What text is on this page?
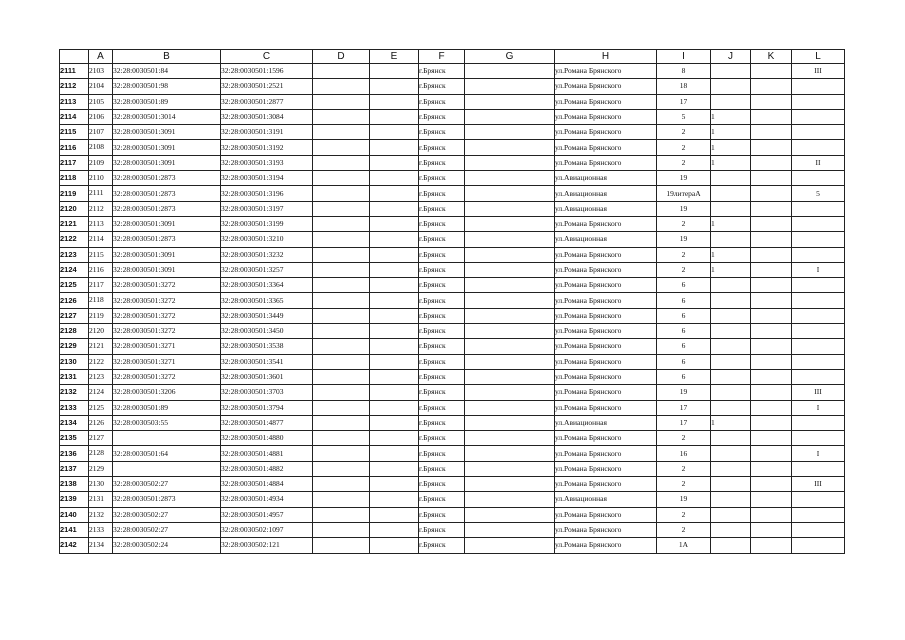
	A	B	C	D	E	F	G	H	I	J	K	L
2111	2103	32:28:0030501:84	32:28:0030501:1596			г.Брянск		ул.Романа Брянского	8			III
2112	2104	32:28:0030501:98	32:28:0030501:2521			г.Брянск		ул.Романа Брянского	18			
2113	2105	32:28:0030501:89	32:28:0030501:2877			г.Брянск		ул.Романа Брянского	17			
2114	2106	32:28:0030501:3014	32:28:0030501:3084			г.Брянск		ул.Романа Брянского	5	1		
2115	2107	32:28:0030501:3091	32:28:0030501:3191			г.Брянск		ул.Романа Брянского	2	1		
2116	2108	32:28:0030501:3091	32:28:0030501:3192			г.Брянск		ул.Романа Брянского	2	1		
2117	2109	32:28:0030501:3091	32:28:0030501:3193			г.Брянск		ул.Романа Брянского	2	1		II
2118	2110	32:28:0030501:2873	32:28:0030501:3194			г.Брянск		ул.Авиационная	19			
2119	2111	32:28:0030501:2873	32:28:0030501:3196			г.Брянск		ул.Авиационная	19литераА			5
2120	2112	32:28:0030501:2873	32:28:0030501:3197			г.Брянск		ул.Авиационная	19			
2121	2113	32:28:0030501:3091	32:28:0030501:3199			г.Брянск		ул.Романа Брянского	2	1		
2122	2114	32:28:0030501:2873	32:28:0030501:3210			г.Брянск		ул.Авиационная	19			
2123	2115	32:28:0030501:3091	32:28:0030501:3232			г.Брянск		ул.Романа Брянского	2	1		
2124	2116	32:28:0030501:3091	32:28:0030501:3257			г.Брянск		ул.Романа Брянского	2	1		I
2125	2117	32:28:0030501:3272	32:28:0030501:3364			г.Брянск		ул.Романа Брянского	6			
2126	2118	32:28:0030501:3272	32:28:0030501:3365			г.Брянск		ул.Романа Брянского	6			
2127	2119	32:28:0030501:3272	32:28:0030501:3449			г.Брянск		ул.Романа Брянского	6			
2128	2120	32:28:0030501:3272	32:28:0030501:3450			г.Брянск		ул.Романа Брянского	6			
2129	2121	32:28:0030501:3271	32:28:0030501:3538			г.Брянск		ул.Романа Брянского	6			
2130	2122	32:28:0030501:3271	32:28:0030501:3541			г.Брянск		ул.Романа Брянского	6			
2131	2123	32:28:0030501:3272	32:28:0030501:3601			г.Брянск		ул.Романа Брянского	6			
2132	2124	32:28:0030501:3206	32:28:0030501:3703			г.Брянск		ул.Романа Брянского	19			III
2133	2125	32:28:0030501:89	32:28:0030501:3794			г.Брянск		ул.Романа Брянского	17			I
2134	2126	32:28:0030503:55	32:28:0030501:4877			г.Брянск		ул.Авиационная	17	1		
2135	2127		32:28:0030501:4880			г.Брянск		ул.Романа Брянского	2			
2136	2128	32:28:0030501:64	32:28:0030501:4881			г.Брянск		ул.Романа Брянского	16			I
2137	2129		32:28:0030501:4882			г.Брянск		ул.Романа Брянского	2			
2138	2130	32:28:0030502:27	32:28:0030501:4884			г.Брянск		ул.Романа Брянского	2			III
2139	2131	32:28:0030501:2873	32:28:0030501:4934			г.Брянск		ул.Авиационная	19			
2140	2132	32:28:0030502:27	32:28:0030501:4957			г.Брянск		ул.Романа Брянского	2			
2141	2133	32:28:0030502:27	32:28:0030502:1097			г.Брянск		ул.Романа Брянского	2			
2142	2134	32:28:0030502:24	32:28:0030502:121			г.Брянск		ул.Романа Брянского	1А			
